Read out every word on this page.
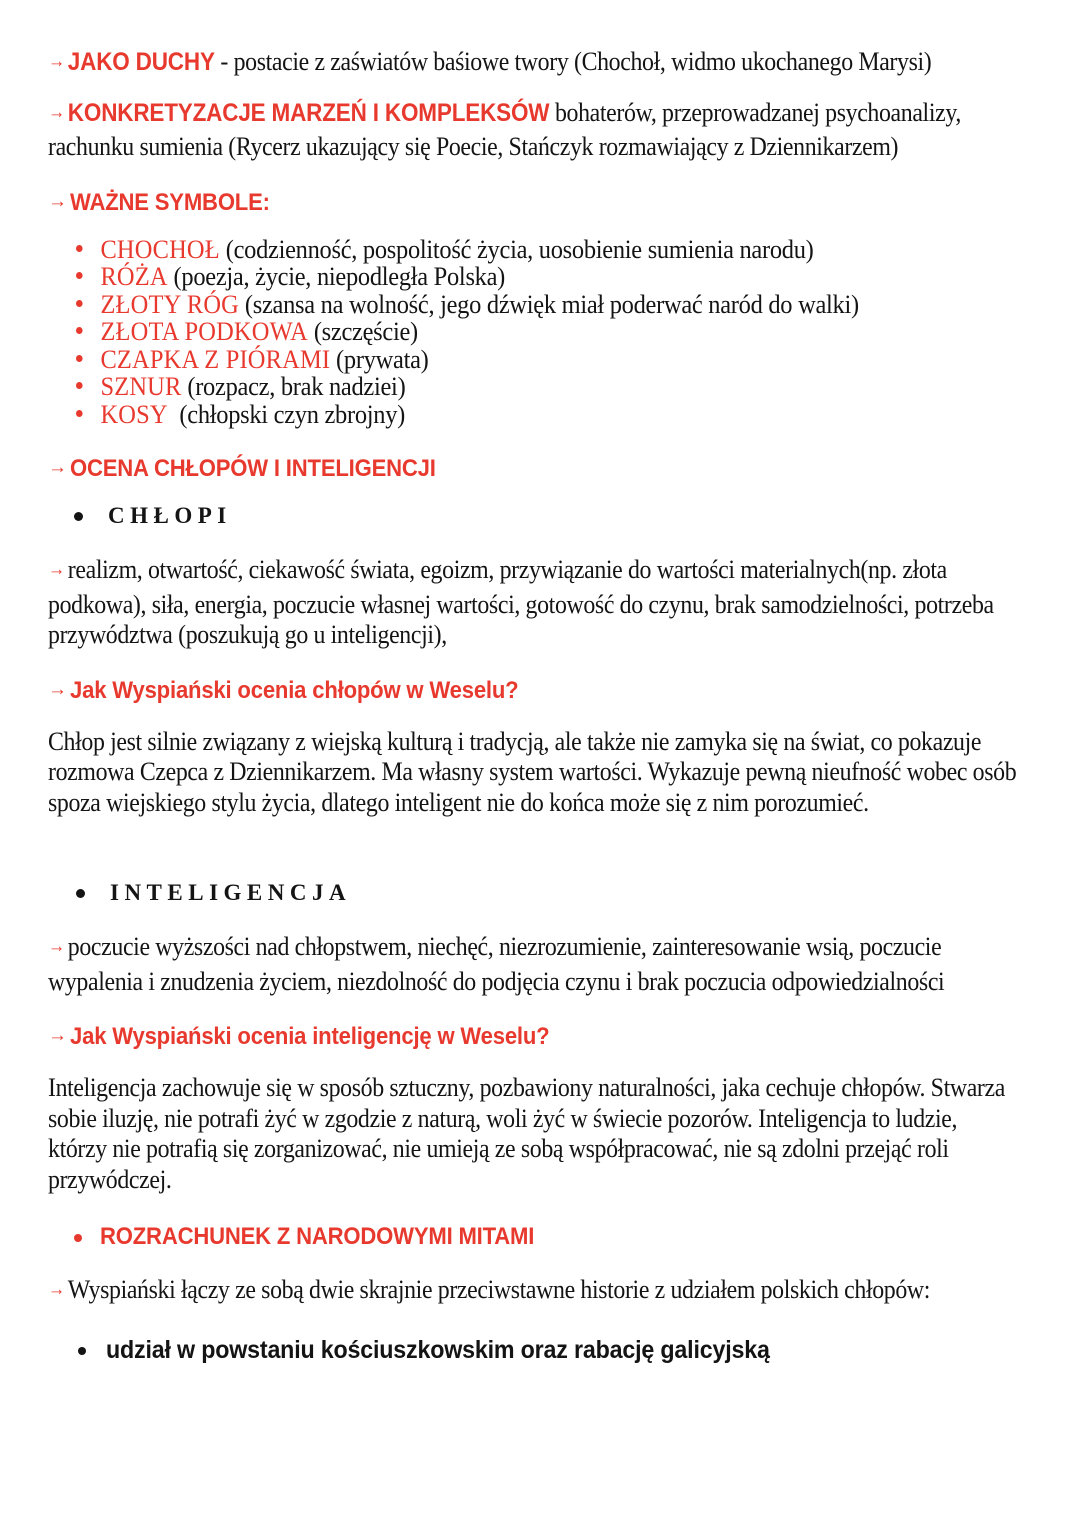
→ JAKO DUCHY - postacie z zaświatów baśiowe twory (Chochoł, widmo ukochanego Marysi)
→ KONKRETYZACJE MARZEŃ I KOMPLEKSÓW bohaterów, przeprowadzanej psychoanalizy, rachunku sumienia (Rycerz ukazujący się Poecie, Stańczyk rozmawiający z Dziennikarzem)
→ WAŻNE SYMBOLE:
CHOCHOŁ (codzienność, pospolitość życia, uosobienie sumienia narodu)
RÓŻA (poezja, życie, niepodległa Polska)
ZŁOTY RÓG (szansa na wolność, jego dźwięk miał poderwać naród do walki)
ZŁOTA PODKOWA (szczęście)
CZAPKA Z PIÓRAMI (prywata)
SZNUR (rozpacz, brak nadziei)
KOSY (chłopski czyn zbrojny)
→ OCENA CHŁOPÓW I INTELIGENCJI
CHŁOPI
→ realizm, otwartość, ciekawość świata, egoizm, przywiązanie do wartości materialnych(np. złota podkowa), siła, energia, poczucie własnej wartości, gotowość do czynu, brak samodzielności, potrzeba przywództwa (poszukują go u inteligencji),
→ Jak Wyspiański ocenia chłopów w Weselu?
Chłop jest silnie związany z wiejską kulturą i tradycją, ale także nie zamyka się na świat, co pokazuje rozmowa Czepca z Dziennikarzem. Ma własny system wartości. Wykazuje pewną nieufność wobec osób spoza wiejskiego stylu życia, dlatego inteligent nie do końca może się z nim porozumieć.
INTELIGENCJA
→ poczucie wyższości nad chłopstwem, niechęć, niezrozumienie, zainteresowanie wsią, poczucie wypalenia i znudzenia życiem, niezdolność do podjęcia czynu i brak poczucia odpowiedzialności
→ Jak Wyspiański ocenia inteligencję w Weselu?
Inteligencja zachowuje się w sposób sztuczny, pozbawiony naturalności, jaka cechuje chłopów. Stwarza sobie iluzję, nie potrafi żyć w zgodzie z naturą, woli żyć w świecie pozorów. Inteligencja to ludzie, którzy nie potrafią się zorganizować, nie umieją ze sobą współpracować, nie są zdolni przejąć roli przywódczej.
ROZRACHUNEK Z NARODOWYMI MITAMI
→ Wyspiański łączy ze sobą dwie skrajnie przeciwstawne historie z udziałem polskich chłopów:
udział w powstaniu kościuszkowskim oraz rabację galicyjską
